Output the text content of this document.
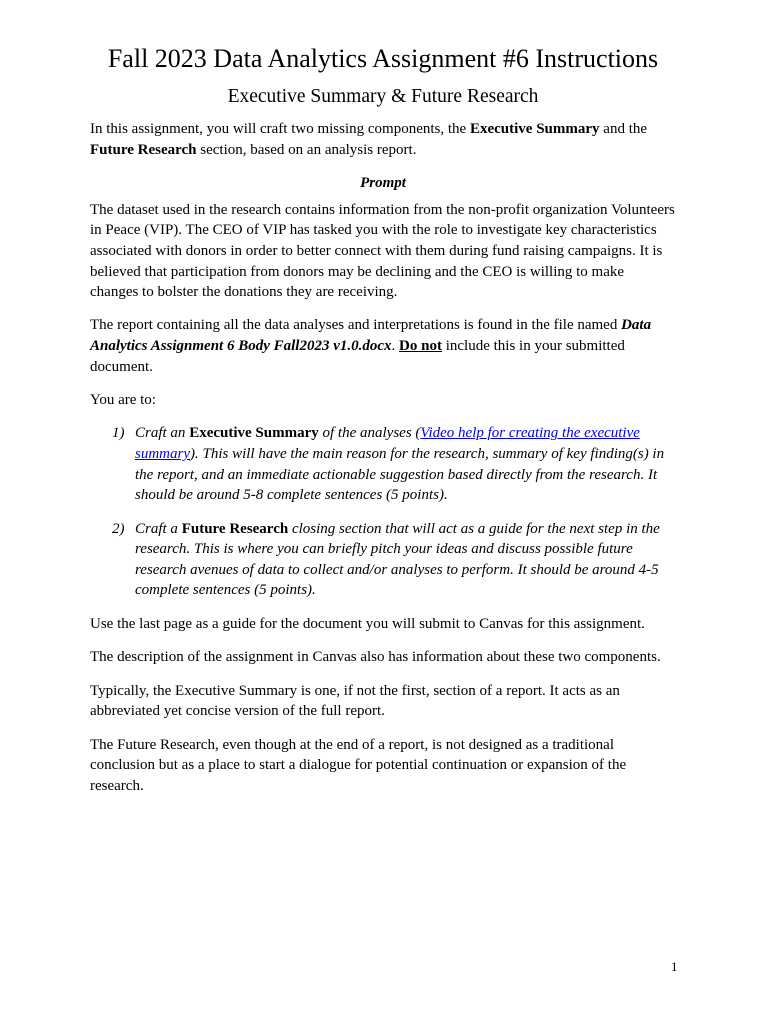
Fall 2023 Data Analytics Assignment #6 Instructions
Executive Summary & Future Research

In this assignment, you will craft two missing components, the Executive Summary and the Future Research section, based on an analysis report.

Prompt

The dataset used in the research contains information from the non-profit organization Volunteers in Peace (VIP). The CEO of VIP has tasked you with the role to investigate key characteristics associated with donors in order to better connect with them during fund raising campaigns. It is believed that participation from donors may be declining and the CEO is willing to make changes to bolster the donations they are receiving.

The report containing all the data analyses and interpretations is found in the file named Data Analytics Assignment 6 Body Fall2023 v1.0.docx. Do not include this in your submitted document.

You are to:

1) Craft an Executive Summary of the analyses (Video help for creating the executive summary). This will have the main reason for the research, summary of key finding(s) in the report, and an immediate actionable suggestion based directly from the research. It should be around 5-8 complete sentences (5 points).
2) Craft a Future Research closing section that will act as a guide for the next step in the research. This is where you can briefly pitch your ideas and discuss possible future research avenues of data to collect and/or analyses to perform. It should be around 4-5 complete sentences (5 points).

Use the last page as a guide for the document you will submit to Canvas for this assignment.

The description of the assignment in Canvas also has information about these two components.

Typically, the Executive Summary is one, if not the first, section of a report. It acts as an abbreviated yet concise version of the full report.

The Future Research, even though at the end of a report, is not designed as a traditional conclusion but as a place to start a dialogue for potential continuation or expansion of the research.

1
